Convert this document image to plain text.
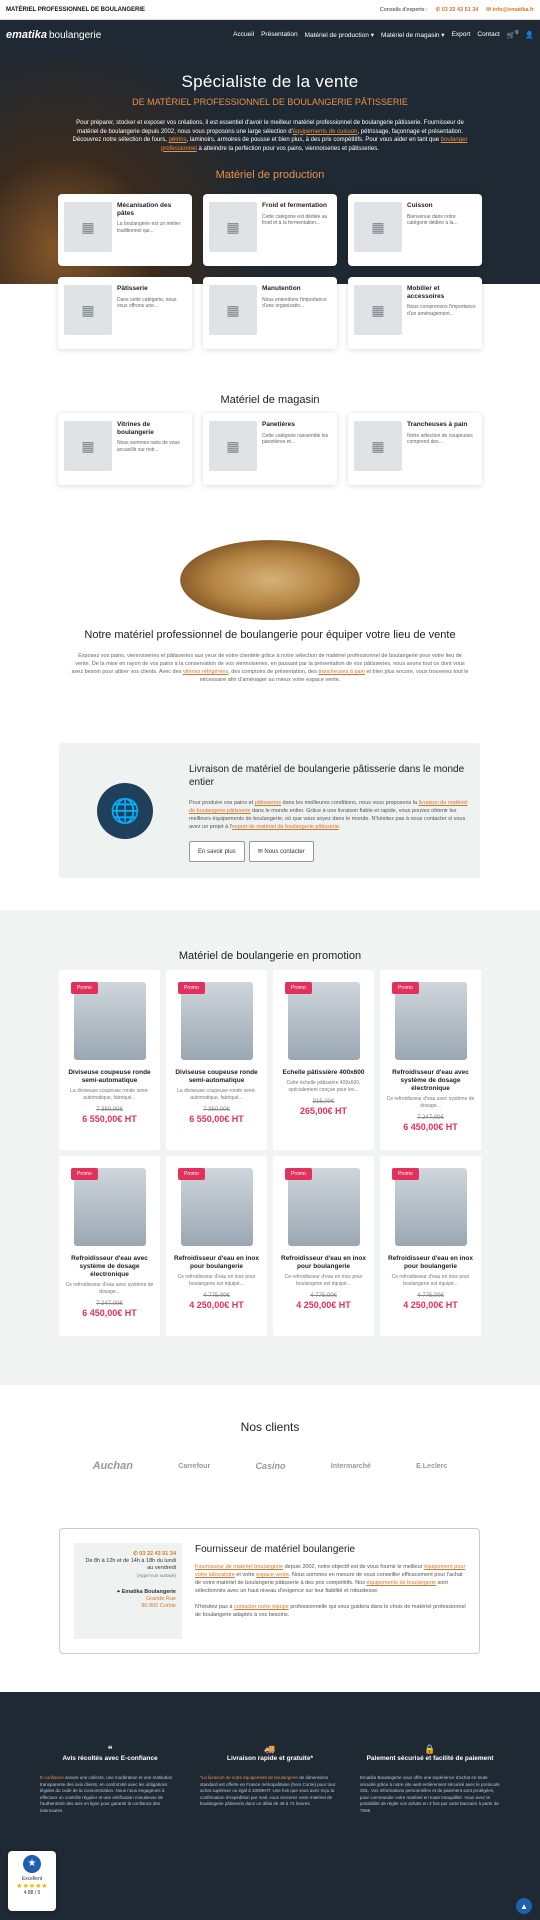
MATÉRIEL PROFESSIONNEL DE BOULANGERIE	Conseils d'experts : ✆ 03 22 43 51 34 ✉ info@ematika.fr
ematika boulangerie	Accueil Présentation Matériel de production ▾ Matériel de magasin ▾ Export Contact 🛒$^0$ 👤
Spécialiste de la vente
DE MATÉRIEL PROFESSIONNEL DE BOULANGERIE PÂTISSERIE

Pour préparer, stocker et exposer vos créations, il est essentiel d'avoir le meilleur matériel professionnel de boulangerie pâtisserie. Fournisseur de matériel de boulangerie depuis 2002, nous vous proposons une large sélection d'équipements de cuisson, pétrissage, façonnage et présentation. Découvrez notre sélection de fours, pétrins, laminoirs, armoires de pousse et bien plus, à des prix compétitifs. Pour vous aider en tant que boulanger professionnel à atteindre la perfection pour vos pains, viennoiseries et pâtisseries.

Matériel de production
▦
Mécanisation des pâtes

La boulangerie est un métier traditionnel qui...	▦
Froid et fermentation

Cette catégorie est dédiée au froid et à la fermentation...	▦
Cuisson

Bienvenue dans notre catégorie dédiée à la...

▦
Pâtisserie

Dans cette catégorie, nous vous offrons une...	▦
Manutention

Nous entendons l'importance d'une organisatio...	▦
Mobilier et accessoires

Nous comprenons l'importance d'un aménagement...

Matériel de magasin
▦
Vitrines de boulangerie

Nous sommes ravis de vous accueillir sur notr...	▦
Panetières

Cette catégorie rassemble les panetières et...	▦
Trancheuses à pain

Notre sélection de coupeuses comprend des...

Notre matériel professionnel de boulangerie pour équiper votre lieu de vente

Exposez vos pains, viennoiseries et pâtisseries aux yeux de votre clientèle grâce à notre sélection de matériel professionnel de boulangerie pour votre lieu de vente. De la mise en rayon de vos pains à la conservation de vos viennoiseries, en passant par la présentation de vos pâtisseries, nous avons tout ce dont vous avez besoin pour attirer vos clients. Avec des vitrines réfrigérées, des comptoirs de présentation, des trancheuses à pain et bien plus encore, vous trouverez tout le nécessaire afin d'aménager au mieux votre espace vente.

🌐
Livraison de matériel de boulangerie pâtisserie dans le monde entier

Pour produire vos pains et pâtisseries dans les meilleures conditions, nous vous proposons la livraison de matériel de boulangerie pâtisserie dans le monde entier. Grâce à une livraison fiable et rapide, vous pouvez obtenir les meilleurs équipements de boulangerie, où que vous soyez dans le monde. N'hésitez pas à nous contacter si vous avez un projet à l'export de matériel de boulangerie pâtisserie.

En savoir plus	✉ Nous contacter
Matériel de boulangerie en promotion
Promo
Diviseuse coupeuse ronde semi-automatique
La diviseuse coupeuse ronde semi-automatique, fabriqué...
7 350,00€
6 550,00€ HT
Promo
Diviseuse coupeuse ronde semi-automatique
La diviseuse coupeuse ronde semi-automatique, fabriqué...
7 350,00€
6 550,00€ HT
Promo
Echelle pâtissière 400x600
Cette échelle pâtissière 400x600, spécialement conçue pour les...
315,00€
265,00€ HT
Promo
Refroidisseur d'eau avec système de dosage électronique
Ce refroidisseur d'eau avec système de dosage...
7 247,00€
6 450,00€ HT
Promo
Refroidisseur d'eau avec système de dosage électronique
Ce refroidisseur d'eau avec système de dosage...
7 247,00€
6 450,00€ HT
Promo
Refroidisseur d'eau en inox pour boulangerie
Ce refroidisseur d'eau en inox pour boulangerie est équipé...
4 775,00€
4 250,00€ HT
Promo
Refroidisseur d'eau en inox pour boulangerie
Ce refroidisseur d'eau en inox pour boulangerie est équipé...
4 775,00€
4 250,00€ HT
Promo
Refroidisseur d'eau en inox pour boulangerie
Ce refroidisseur d'eau en inox pour boulangerie est équipé...
4 775,00€
4 250,00€ HT
Nos clients
Auchan	Carrefour	Casino	Intermarché	E.Leclerc
✆ 03 22 43 51 34
De 8h à 12h et de 14h à 18h du lundi au vendredi
(Appel non surtaxé)
⌖ Ematika Boulangerie
Grande Rue
80 800 Corbie
Fournisseur de matériel boulangerie

Fournisseur de matériel boulangerie depuis 2002, notre objectif est de vous fournir le meilleur équipement pour votre laboratoire et votre espace vente. Nous sommes en mesure de vous conseiller efficacement pour l'achat de votre matériel de boulangerie pâtisserie à des prix compétitifs. Nos équipements de boulangerie sont sélectionnés avec un haut niveau d'exigence sur leur fiabilité et robustesse.

N'hésitez pas à contacter notre équipe professionnelle qui vous guidera dans le choix de matériel professionnel de boulangerie adaptés à vos besoins.

❝
Avis récoltés avec E-confiance

E-confiance assure une collecte, une modération et une restitution transparente des avis clients, en conformité avec les obligations légales du code de la consommation. Nous nous engageons à effectuer un contrôle régulier et une vérification minutieuse de l'authenticité des avis en ligne pour garantir la confiance des internautes.

🚚
Livraison rapide et gratuite*

*La livraison de votre équipement de boulangerie de dimensions standard est offerte en France métropolitaine (hors Corse) pour tout achat supérieur ou égal à 1000€HT. Une fois que vous avez reçu la confirmation d'expédition par mail, vous recevrez votre matériel de boulangerie pâtisserie dans un délai de 48 à 72 heures.

🔒
Paiement sécurisé et facilité de paiement

Ematika Boulangerie vous offre une expérience d'achat en toute sécurité grâce à notre site web entièrement sécurisé avec le protocole SSL. Vos informations personnelles et de paiement sont protégées, pour commander votre matériel en toute tranquillité. Vous avez la possibilité de régler vos achats en 3 fois par carte bancaire à partir de 750€.

★
Excellent
★★★★★
4.88 / 5
▲
